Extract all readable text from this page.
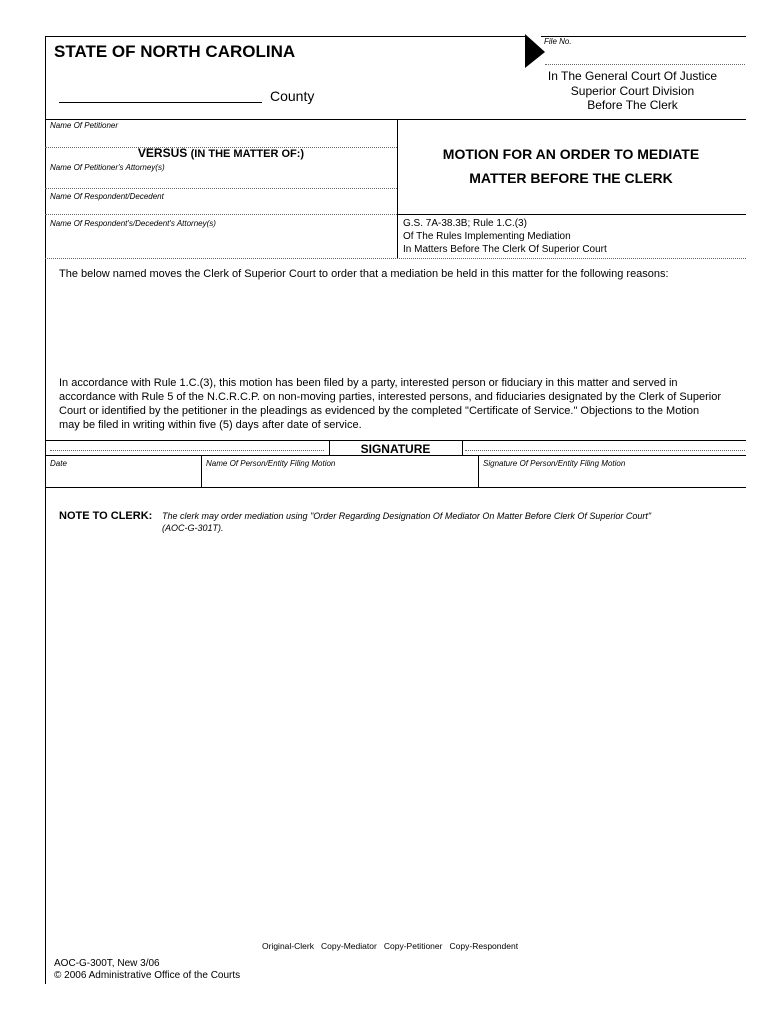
File No.
STATE OF NORTH CAROLINA
County
In The General Court Of Justice
Superior Court Division
Before The Clerk
Name Of Petitioner
VERSUS (IN THE MATTER OF:)
Name Of Petitioner's Attorney(s)
Name Of Respondent/Decedent
Name Of Respondent's/Decedent's Attorney(s)
MOTION FOR AN ORDER TO MEDIATE
MATTER BEFORE THE CLERK
G.S. 7A-38.3B; Rule 1.C.(3)
Of The Rules Implementing Mediation
In Matters Before The Clerk Of Superior Court
The below named moves the Clerk of Superior Court to order that a mediation be held in this matter for the following reasons:
In accordance with Rule 1.C.(3), this motion has been filed by a party, interested person or fiduciary in this matter and served in
accordance with Rule 5 of the N.C.R.C.P. on non-moving parties, interested persons, and fiduciaries designated by the Clerk of Superior
Court or identified by the petitioner in the pleadings as evidenced by the completed "Certificate of Service." Objections to the Motion
may be filed in writing within five (5) days after date of service.
SIGNATURE
Date	Name Of Person/Entity Filing Motion	Signature Of Person/Entity Filing Motion
NOTE TO CLERK: The clerk may order mediation using "Order Regarding Designation Of Mediator On Matter Before Clerk Of Superior Court"
(AOC-G-301T).
Original-Clerk   Copy-Mediator   Copy-Petitioner   Copy-Respondent
AOC-G-300T, New 3/06
© 2006 Administrative Office of the Courts
